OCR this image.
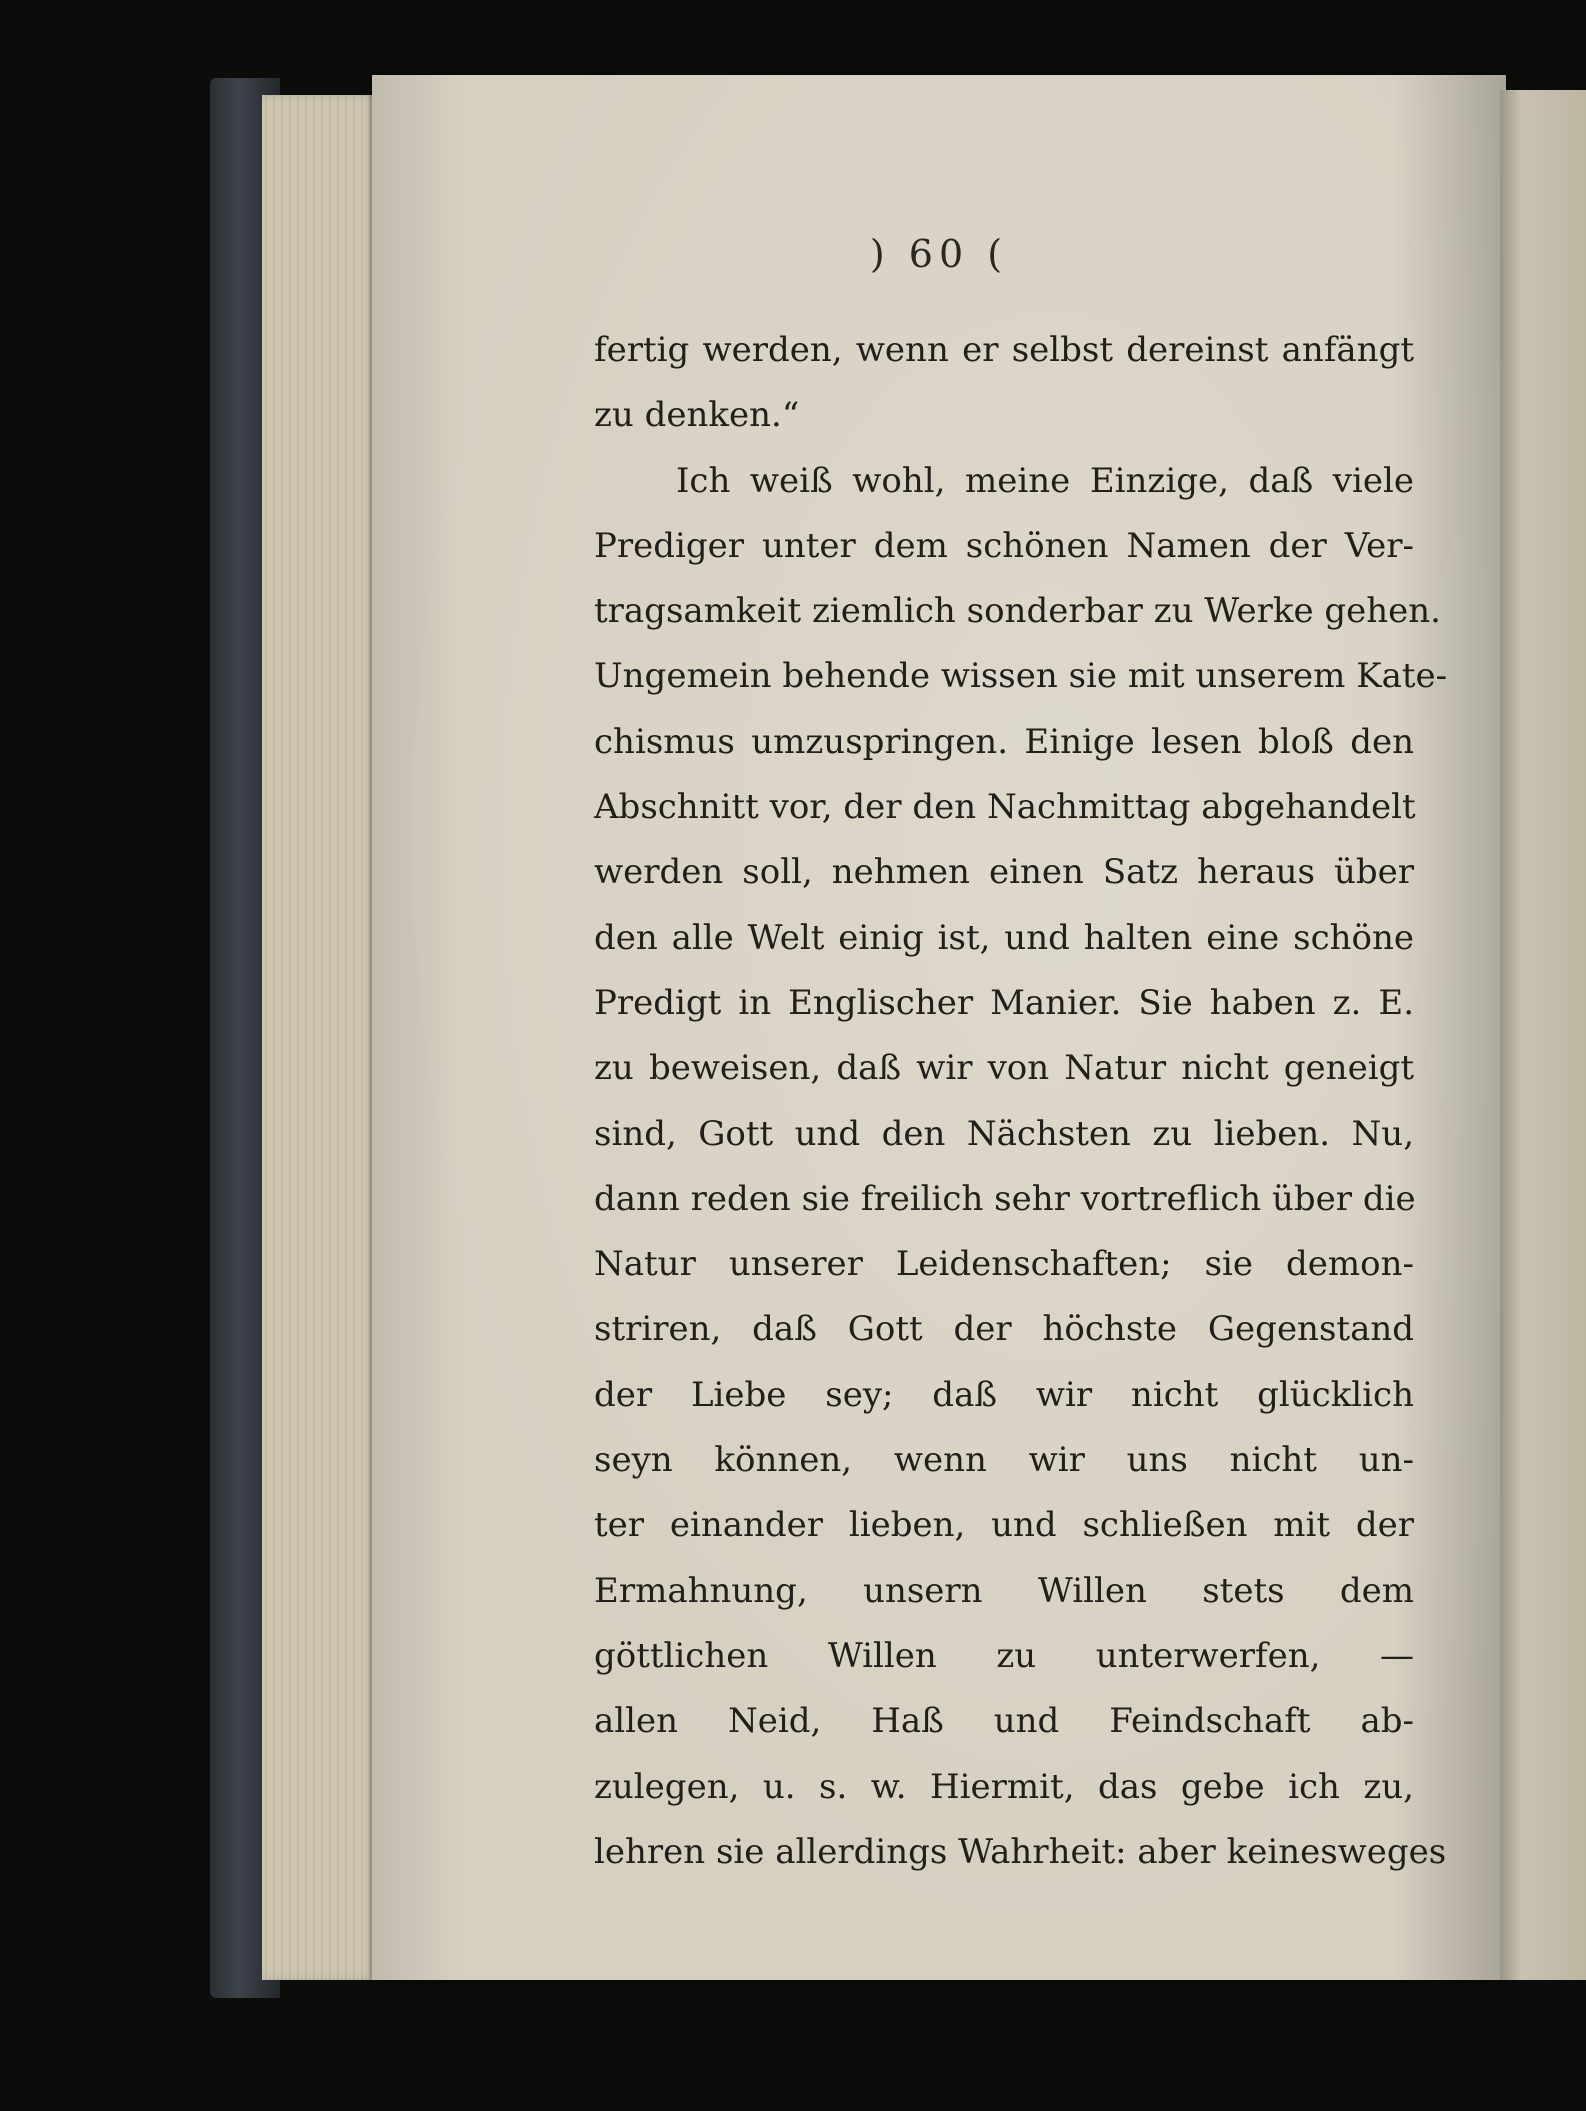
) 60 (
fertig werden, wenn er selbst dereinst anfängt
zu denken.“
Ich weiß wohl, meine Einzige, daß viele
Prediger unter dem schönen Namen der Ver-
tragsamkeit ziemlich sonderbar zu Werke gehen.
Ungemein behende wissen sie mit unserem Kate-
chismus umzuspringen. Einige lesen bloß den
Abschnitt vor, der den Nachmittag abgehandelt
werden soll, nehmen einen Satz heraus über
den alle Welt einig ist, und halten eine schöne
Predigt in Englischer Manier. Sie haben z. E.
zu beweisen, daß wir von Natur nicht geneigt
sind, Gott und den Nächsten zu lieben. Nu,
dann reden sie freilich sehr vortreflich über die
Natur unserer Leidenschaften; sie demon-
striren, daß Gott der höchste Gegenstand
der Liebe sey; daß wir nicht glücklich
seyn können, wenn wir uns nicht un-
ter einander lieben, und schließen mit der
Ermahnung, unsern Willen stets dem
göttlichen Willen zu unterwerfen, —
allen Neid, Haß und Feindschaft ab-
zulegen, u. s. w. Hiermit, das gebe ich zu,
lehren sie allerdings Wahrheit: aber keinesweges
